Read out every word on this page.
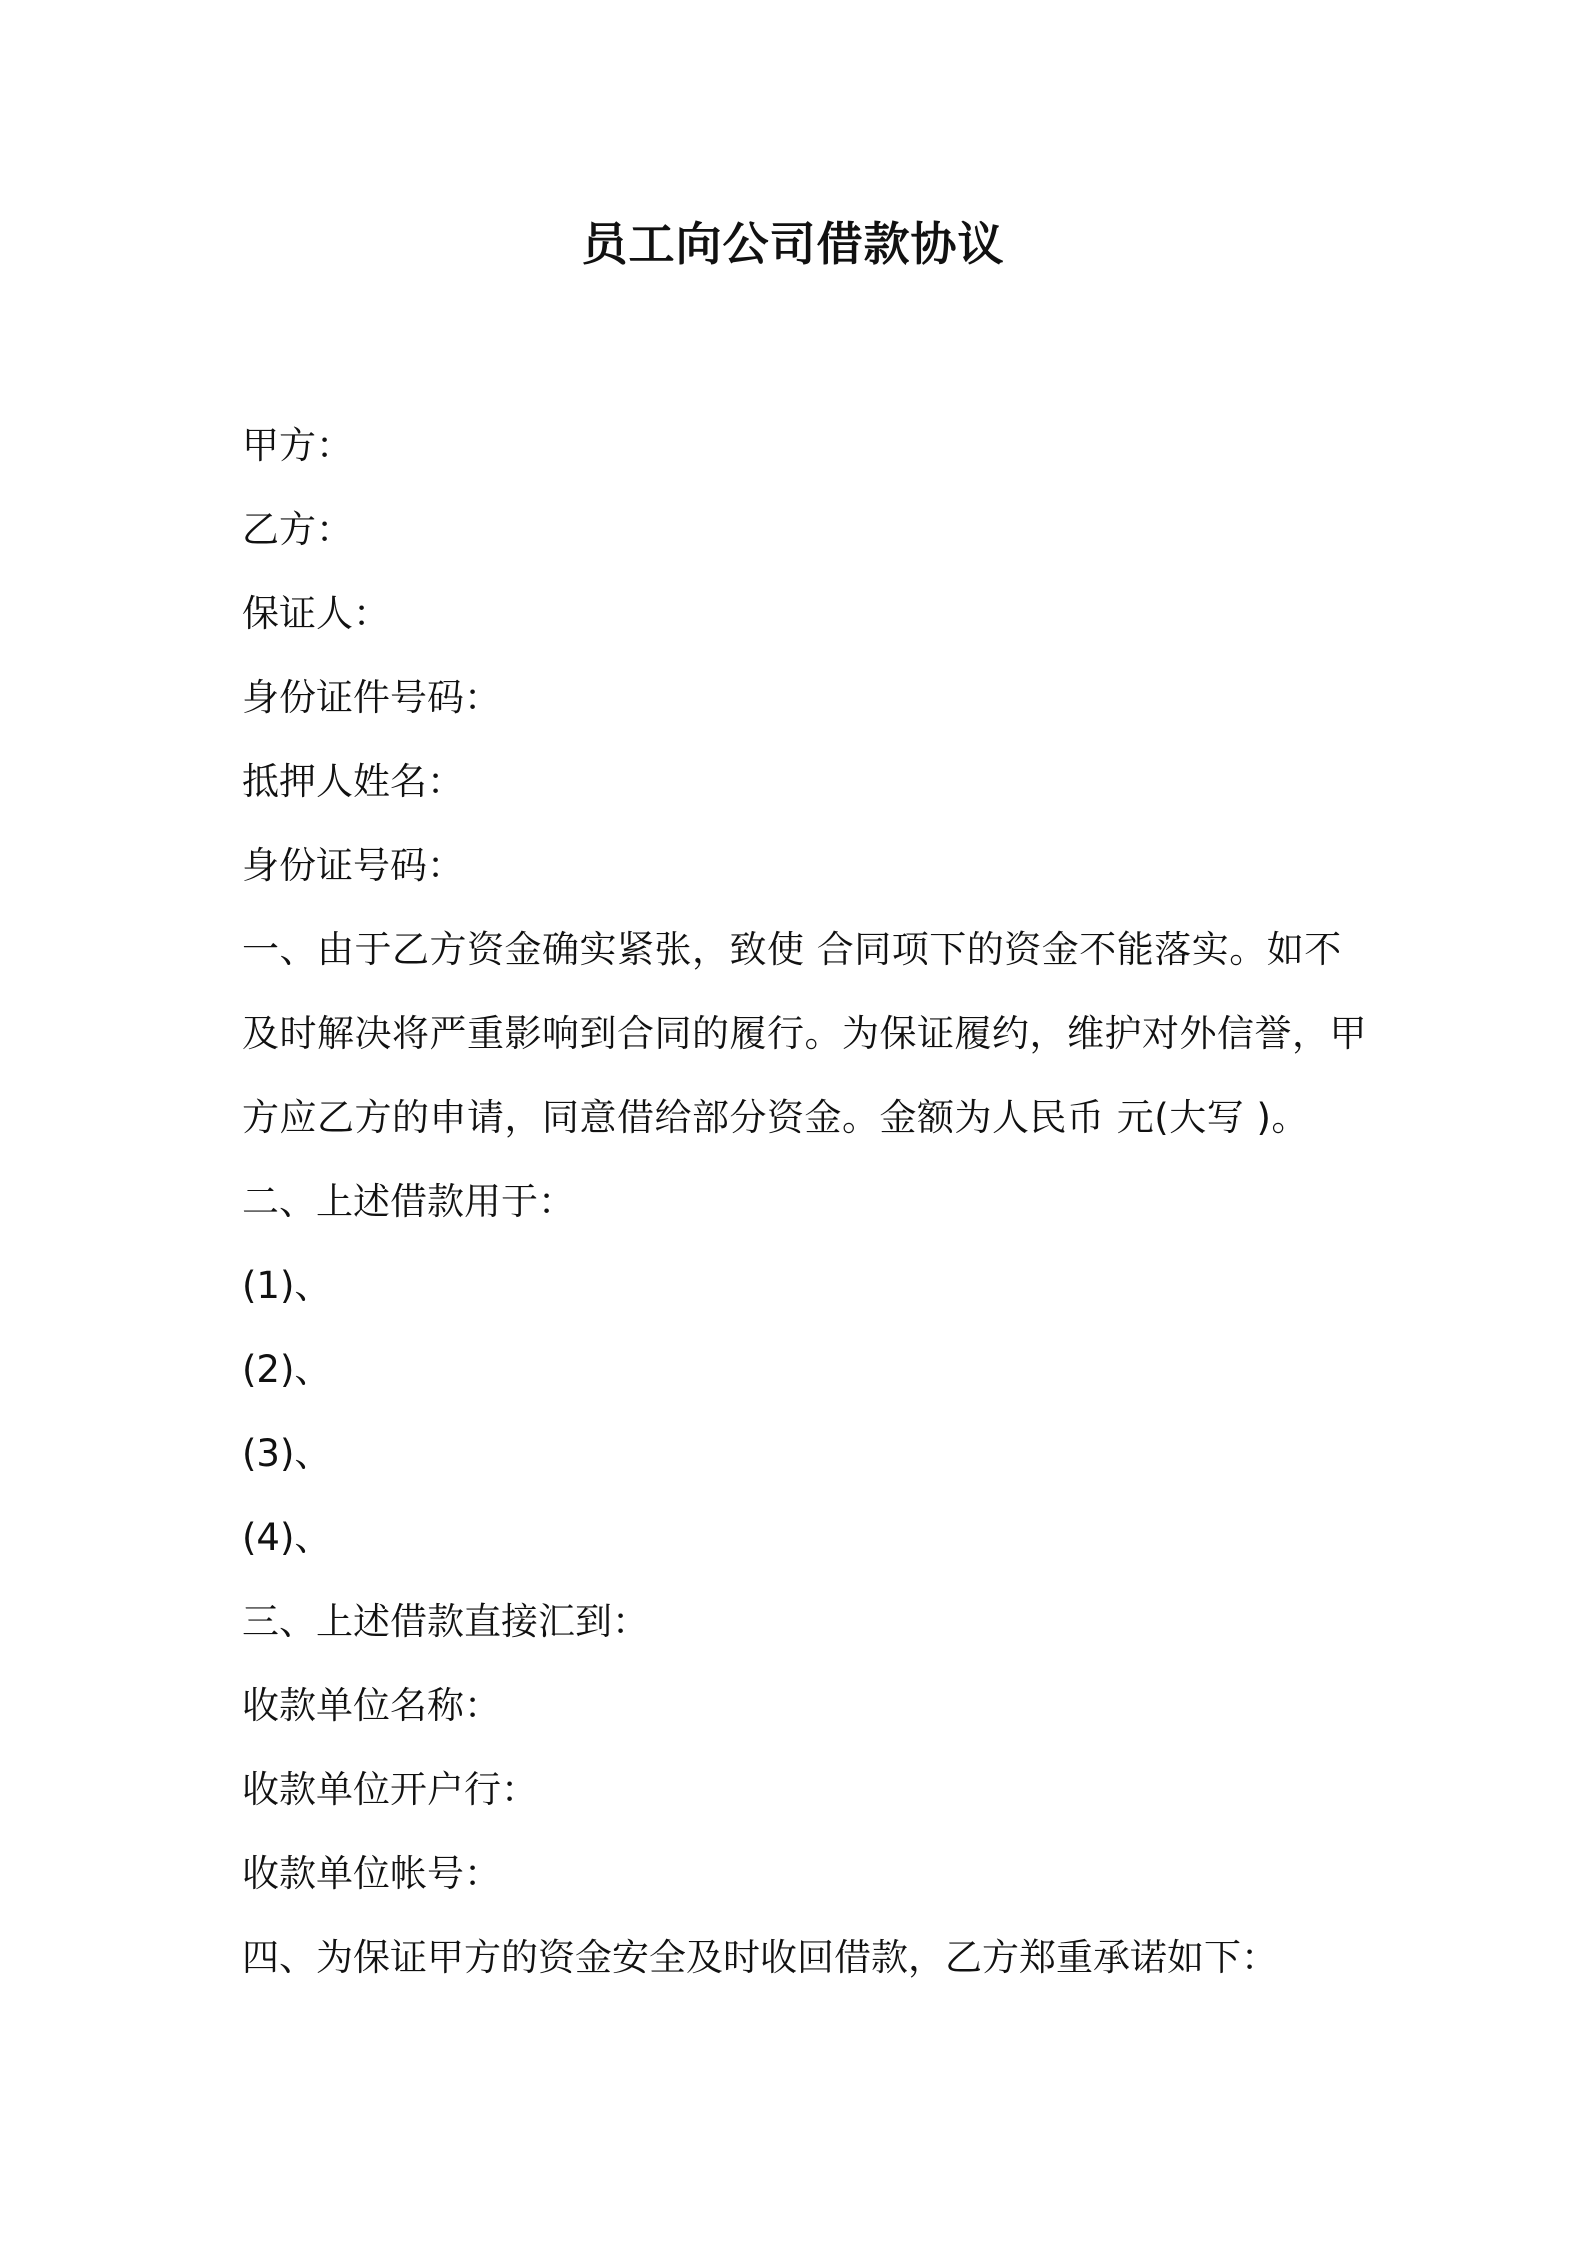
员工向公司借款协议
甲方：
乙方：
保证人：
身份证件号码：
抵押人姓名：
身份证号码：
一、由于乙方资金确实紧张，致使 合同项下的资金不能落实。如不
及时解决将严重影响到合同的履行。为保证履约，维护对外信誉，甲
方应乙方的申请，同意借给部分资金。金额为人民币 元(大写 )。
二、上述借款用于：
(1)、
(2)、
(3)、
(4)、
三、上述借款直接汇到：
收款单位名称：
收款单位开户行：
收款单位帐号：
四、为保证甲方的资金安全及时收回借款，乙方郑重承诺如下：
